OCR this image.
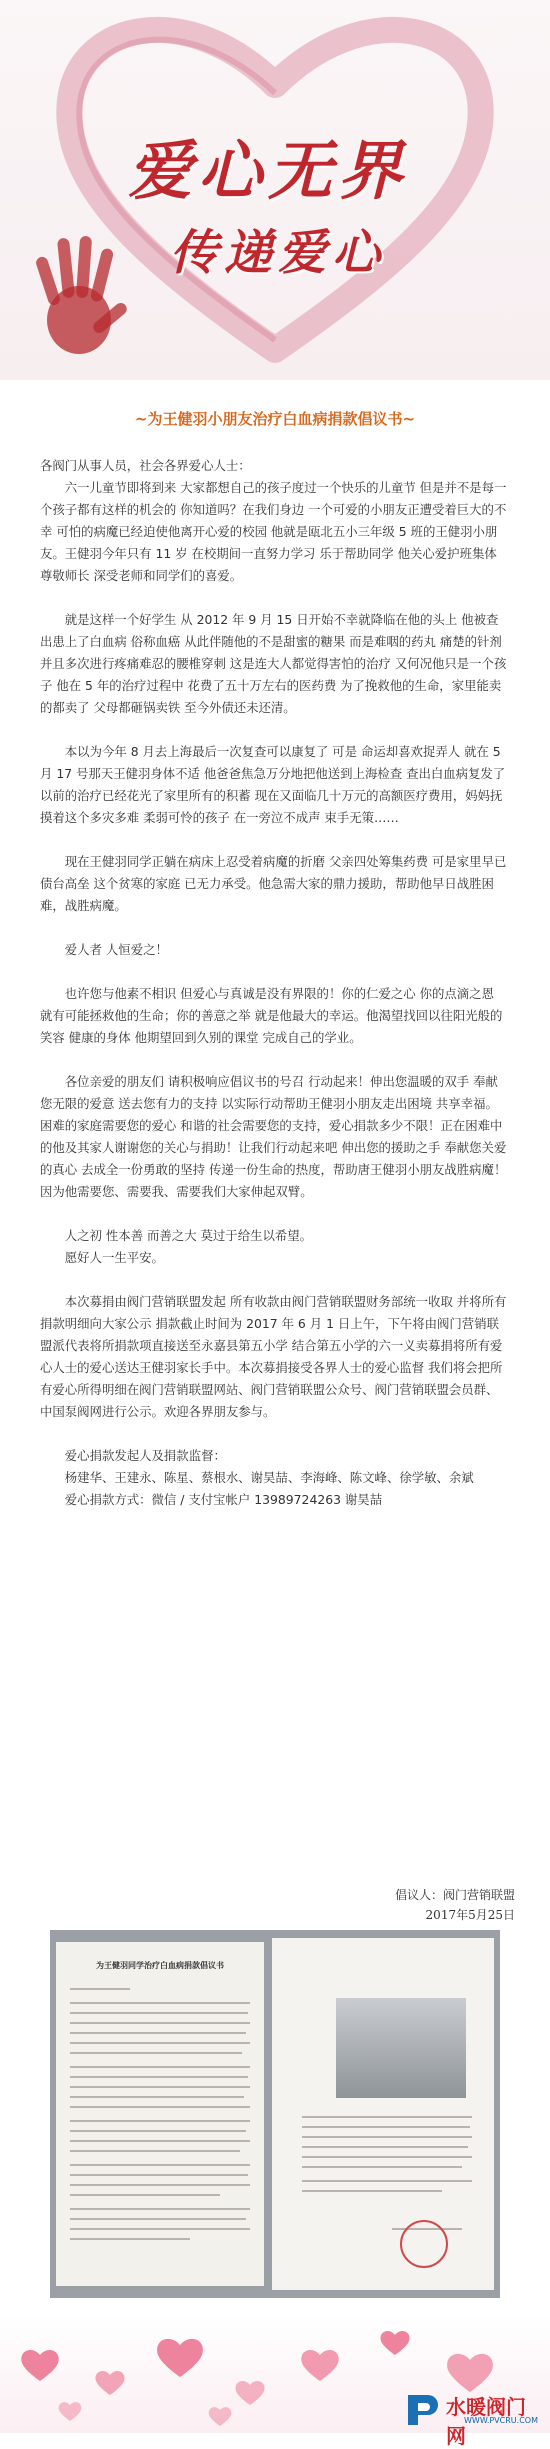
爱心无界
传递爱心
~为王健羽小朋友治疗白血病捐款倡议书~

各阀门从事人员，社会各界爱心人士：

六一儿童节即将到来 大家都想自己的孩子度过一个快乐的儿童节 但是并不是每一个孩子都有这样的机会的 你知道吗？在我们身边 一个可爱的小朋友正遭受着巨大的不幸 可怕的病魔已经迫使他离开心爱的校园 他就是瓯北五小三年级 5 班的王健羽小朋友。王健羽今年只有 11 岁 在校期间一直努力学习 乐于帮助同学 他关心爱护班集体 尊敬师长 深受老师和同学们的喜爱。

就是这样一个好学生 从 2012 年 9 月 15 日开始不幸就降临在他的头上 他被查出患上了白血病 俗称血癌 从此伴随他的不是甜蜜的糖果 而是难咽的药丸 痛楚的针剂 并且多次进行疼痛难忍的腰椎穿刺 这是连大人都觉得害怕的治疗 又何况他只是一个孩子 他在 5 年的治疗过程中 花费了五十万左右的医药费 为了挽救他的生命，家里能卖的都卖了 父母都砸锅卖铁 至今外债还未还清。

本以为今年 8 月去上海最后一次复查可以康复了 可是 命运却喜欢捉弄人 就在 5 月 17 号那天王健羽身体不适 他爸爸焦急万分地把他送到上海检查 查出白血病复发了 以前的治疗已经花光了家里所有的积蓄 现在又面临几十万元的高额医疗费用，妈妈抚摸着这个多灾多难 柔弱可怜的孩子 在一旁泣不成声 束手无策……

现在王健羽同学正躺在病床上忍受着病魔的折磨 父亲四处筹集药费 可是家里早已债台高垒 这个贫寒的家庭 已无力承受。他急需大家的鼎力援助，帮助他早日战胜困难，战胜病魔。

爱人者 人恒爱之！

也许您与他素不相识 但爱心与真诚是没有界限的！你的仁爱之心 你的点滴之恩 就有可能拯救他的生命；你的善意之举 就是他最大的幸运。他渴望找回以往阳光般的笑容 健康的身体 他期望回到久别的课堂 完成自己的学业。

各位亲爱的朋友们 请积极响应倡议书的号召 行动起来！伸出您温暖的双手 奉献您无限的爱意 送去您有力的支持 以实际行动帮助王健羽小朋友走出困境 共享幸福。困难的家庭需要您的爱心 和谐的社会需要您的支持，爱心捐款多少不限！正在困难中的他及其家人谢谢您的关心与捐助！让我们行动起来吧 伸出您的援助之手 奉献您关爱的真心 去成全一份勇敢的坚持 传递一份生命的热度，帮助唐王健羽小朋友战胜病魔！因为他需要您、需要我、需要我们大家伸起双臂。

人之初 性本善 而善之大 莫过于给生以希望。

愿好人一生平安。

本次募捐由阀门营销联盟发起 所有收款由阀门营销联盟财务部统一收取 并将所有捐款明细向大家公示 捐款截止时间为 2017 年 6 月 1 日上午，下午将由阀门营销联盟派代表将所捐款项直接送至永嘉县第五小学 结合第五小学的六一义卖募捐将所有爱心人士的爱心送达王健羽家长手中。本次募捐接受各界人士的爱心监督 我们将会把所有爱心所得明细在阀门营销联盟网站、阀门营销联盟公众号、阀门营销联盟会员群、中国泵阀网进行公示。欢迎各界朋友参与。

爱心捐款发起人及捐款监督：

杨建华、王建永、陈星、蔡根水、谢昊喆、李海峰、陈文峰、徐学敏、余斌

爱心捐款方式：微信 / 支付宝帐户 13989724263 谢昊喆

倡议人：阀门营销联盟
2017年5月25日
为王健羽同学治疗白血病捐款倡议书
水暖阀门网
WWW.PVCRU.COM
